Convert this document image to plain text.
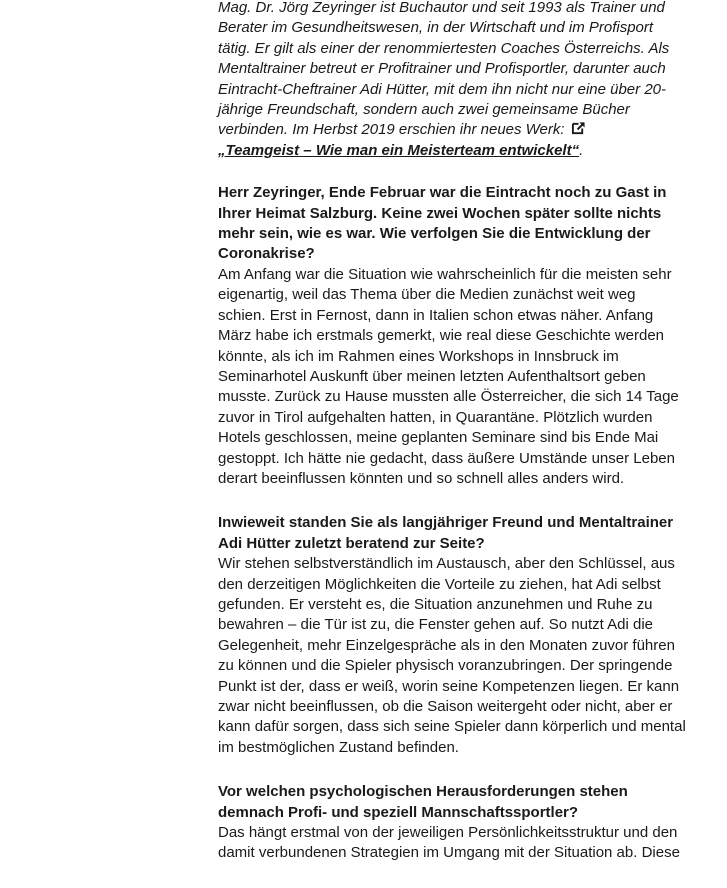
Mag. Dr. Jörg Zeyringer ist Buchautor und seit 1993 als Trainer und Berater im Gesundheitswesen, in der Wirtschaft und im Profisport tätig. Er gilt als einer der renommiertesten Coaches Österreichs. Als Mentaltrainer betreut er Profitrainer und Profisportler, darunter auch Eintracht-Cheftrainer Adi Hütter, mit dem ihn nicht nur eine über 20-jährige Freundschaft, sondern auch zwei gemeinsame Bücher verbinden. Im Herbst 2019 erschien ihr neues Werk: „Teamgeist – Wie man ein Meisterteam entwickelt“.

Herr Zeyringer, Ende Februar war die Eintracht noch zu Gast in Ihrer Heimat Salzburg. Keine zwei Wochen später sollte nichts mehr sein, wie es war. Wie verfolgen Sie die Entwicklung der Coronakrise?

Am Anfang war die Situation wie wahrscheinlich für die meisten sehr eigenartig, weil das Thema über die Medien zunächst weit weg schien. Erst in Fernost, dann in Italien schon etwas näher. Anfang März habe ich erstmals gemerkt, wie real diese Geschichte werden könnte, als ich im Rahmen eines Workshops in Innsbruck im Seminarhotel Auskunft über meinen letzten Aufenthaltsort geben musste. Zurück zu Hause mussten alle Österreicher, die sich 14 Tage zuvor in Tirol aufgehalten hatten, in Quarantäne. Plötzlich wurden Hotels geschlossen, meine geplanten Seminare sind bis Ende Mai gestoppt. Ich hätte nie gedacht, dass äußere Umstände unser Leben derart beeinflussen könnten und so schnell alles anders wird.

Inwieweit standen Sie als langjähriger Freund und Mentaltrainer Adi Hütter zuletzt beratend zur Seite?

Wir stehen selbstverständlich im Austausch, aber den Schlüssel, aus den derzeitigen Möglichkeiten die Vorteile zu ziehen, hat Adi selbst gefunden. Er versteht es, die Situation anzunehmen und Ruhe zu bewahren – die Tür ist zu, die Fenster gehen auf. So nutzt Adi die Gelegenheit, mehr Einzelgespräche als in den Monaten zuvor führen zu können und die Spieler physisch voranzubringen. Der springende Punkt ist der, dass er weiß, worin seine Kompetenzen liegen. Er kann zwar nicht beeinflussen, ob die Saison weitergeht oder nicht, aber er kann dafür sorgen, dass sich seine Spieler dann körperlich und mental im bestmöglichen Zustand befinden.

Vor welchen psychologischen Herausforderungen stehen demnach Profi- und speziell Mannschaftssportler?

Das hängt erstmal von der jeweiligen Persönlichkeitsstruktur und den damit verbundenen Strategien im Umgang mit der Situation ab. Diese
